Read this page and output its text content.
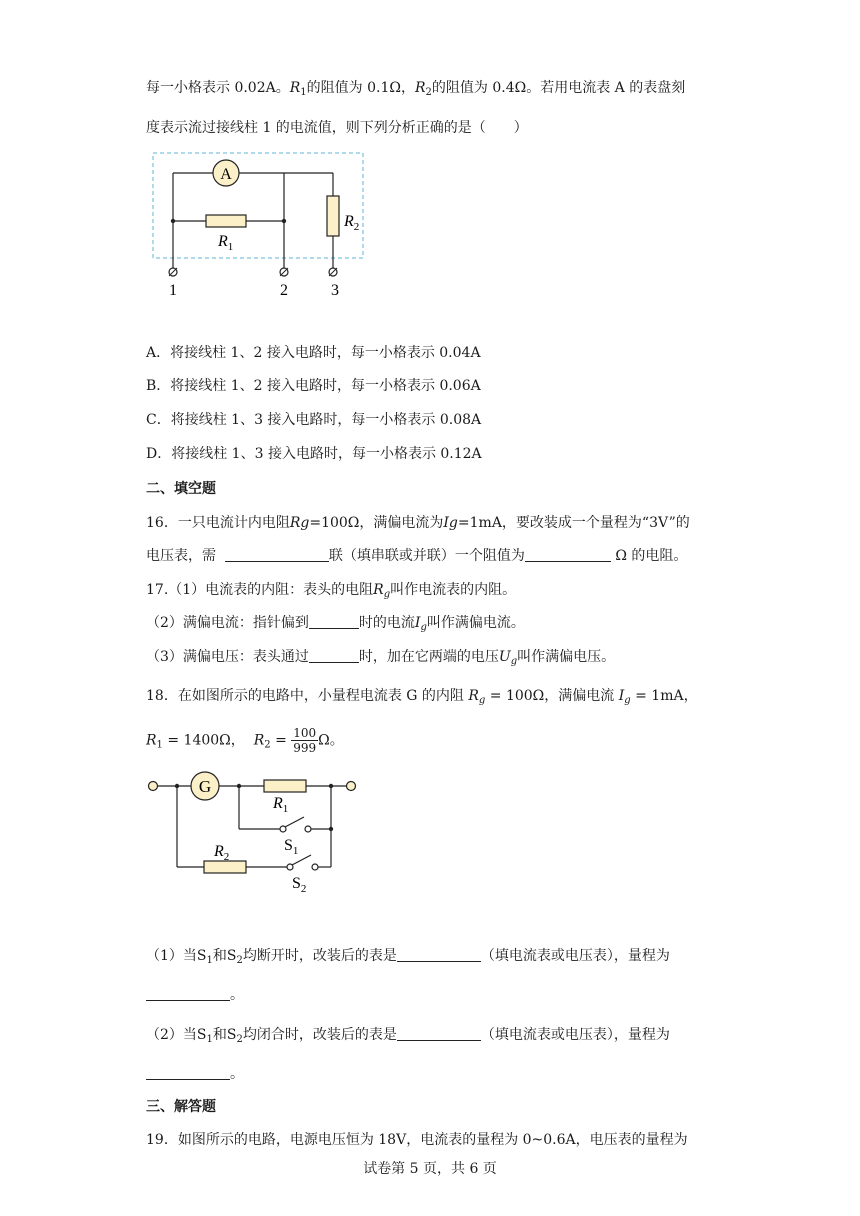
每一小格表示 0.02A。$R_1$的阻值为 0.1Ω，$R_2$的阻值为 0.4Ω。若用电流表 A 的表盘刻
度表示流过接线柱 1 的电流值，则下列分析正确的是（　　）
A
$R_2$
$R_1$
1	2	3
A．将接线柱 1、2 接入电路时，每一小格表示 0.04A
B．将接线柱 1、2 接入电路时，每一小格表示 0.06A
C．将接线柱 1、3 接入电路时，每一小格表示 0.08A
D．将接线柱 1、3 接入电路时，每一小格表示 0.12A
二、填空题
16．一只电流计内电阻Rg=100Ω，满偏电流为Ig=1mA，要改装成一个量程为“3V”的
电压表，需	联（填串联或并联）一个阻值为	Ω 的电阻。
17.（1）电流表的内阻：表头的电阻$R_g$叫作电流表的内阻。
（2）满偏电流：指针偏到	时的电流$I_g$叫作满偏电流。
（3）满偏电压：表头通过	时，加在它两端的电压$U_g$叫作满偏电压。
18．在如图所示的电路中，小量程电流表 G 的内阻 $R_g = 100\Omega$，满偏电流 $I_g = 1mA$，
$R_1 = 1400\Omega$， $R_2 = \frac{100}{999}$ Ω。
G
$R_1$
$S_1$
$R_2$
$S_2$
（1）当$S_1$和$S_2$均断开时，改装后的表是	（填电流表或电压表），量程为
。
（2）当$S_1$和$S_2$均闭合时，改装后的表是	（填电流表或电压表），量程为
。
三、解答题
19．如图所示的电路，电源电压恒为 18V，电流表的量程为 0~0.6A，电压表的量程为
试卷第 5 页，共 6 页
